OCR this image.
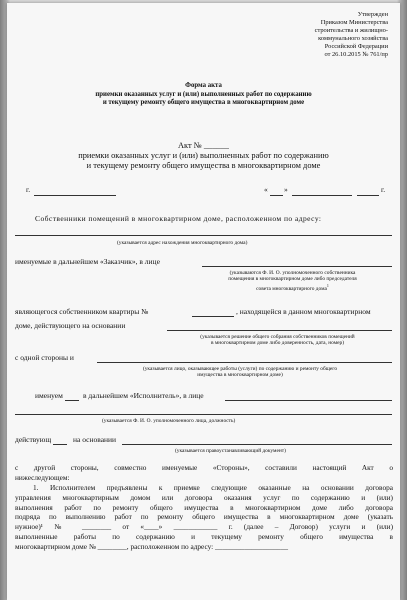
Утвержден
Приказом Министерства
строительства и жилищно-
коммунального хозяйства
Российской Федерации
от 26.10.2015 № 761/пр
Форма акта
приемки оказанных услуг и (или) выполненных работ по содержанию
и текущему ремонту общего имущества в многоквартирном доме
Акт № ______
приемки оказанных услуг и (или) выполненных работ по содержанию
и текущему ремонту общего имущества в многоквартирном доме
г.	« »	г.
Собственники помещений в многоквартирном доме, расположенном по адресу:
(указывается адрес нахождения многоквартирного дома)
именуемые в дальнейшем «Заказчик», в лице
(указываются Ф. И. О. уполномоченного собственника
помещения в многоквартирном доме либо председателя
совета многоквартирного дома$^1$
являющегося собственником квартиры №	, находящейся в данном многоквартирном
доме, действующего на основании
(указывается решение общего собрания собственников помещений
в многоквартирном доме либо доверенность, дата, номер)
с одной стороны и
(указывается лицо, оказывающее работы (услуги) по содержанию и ремонту общего
имущества в многоквартирном доме)
именуем	в дальнейшем «Исполнитель», в лице
(указывается Ф. И. О. уполномоченного лица, должность)
действующ	на основании
(указывается правоустанавливающий документ)
с другой стороны, совместно именуемые «Стороны», составили настоящий Акт о
нижеследующем:
1. Исполнителем предъявлены к приемке следующие оказанные на основании договора
управления многоквартирным домом или договора оказания услуг по содержанию и (или)
выполнения работ по ремонту общего имущества в многоквартирном доме либо договора
подряда по выполнению работ по ремонту общего имущества в многоквартирном доме (указать
нужное)¹ № ________ от «____» ____________ г. (далее – Договор) услуги и (или)
выполненные работы по содержанию и текущему ремонту общего имущества в
многоквартирном доме № ________, расположенном по адресу: ____________________
